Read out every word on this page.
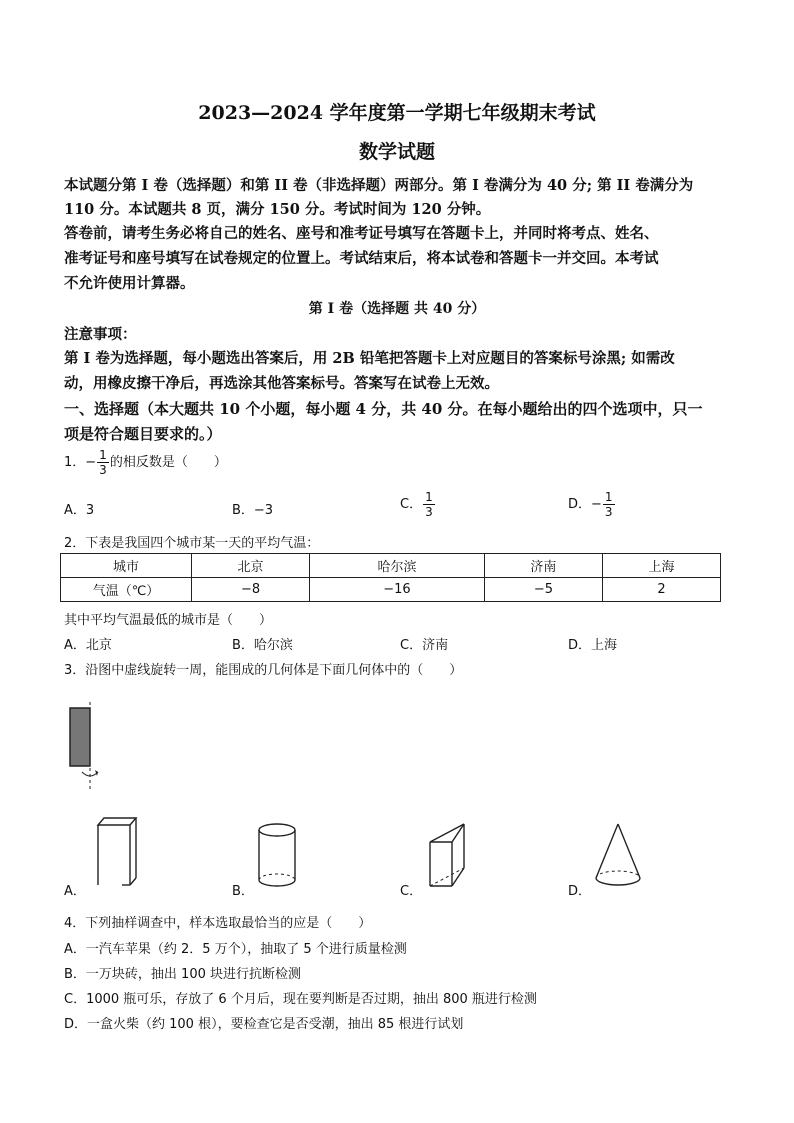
2023—2024 学年度第一学期七年级期末考试
数学试题
本试题分第 I 卷（选择题）和第 II 卷（非选择题）两部分。第 I 卷满分为 40 分; 第 II 卷满分为
110 分。本试题共 8 页，满分 150 分。考试时间为 120 分钟。
答卷前，请考生务必将自己的姓名、座号和准考证号填写在答题卡上，并同时将考点、姓名、
准考证号和座号填写在试卷规定的位置上。考试结束后，将本试卷和答题卡一并交回。本考试
不允许使用计算器。
第 I 卷（选择题 共 40 分）
注意事项：
第 I 卷为选择题，每小题选出答案后，用 2B 铅笔把答题卡上对应题目的答案标号涂黑; 如需改
动，用橡皮擦干净后，再选涂其他答案标号。答案写在试卷上无效。
一、选择题（本大题共 10 个小题，每小题 4 分，共 40 分。在每小题给出的四个选项中，只一
项是符合题目要求的。）
1．− $\frac{1}{3}$ 的相反数是（　　）
A．3	B．−3	C． $\frac{1}{3}$	D．− $\frac{1}{3}$
2．下表是我国四个城市某一天的平均气温：
城市	北京	哈尔滨	济南	上海
气温（℃）	−8	−16	−5	2
其中平均气温最低的城市是（　　）
A．北京	B．哈尔滨	C．济南	D．上海
3．沿图中虚线旋转一周，能围成的几何体是下面几何体中的（　　）
A．	B．	C．	D．
4．下列抽样调查中，样本选取最恰当的应是（　　）
A．一汽车苹果（约 2．5 万个），抽取了 5 个进行质量检测
B．一万块砖，抽出 100 块进行抗断检测
C．1000 瓶可乐，存放了 6 个月后，现在要判断是否过期，抽出 800 瓶进行检测
D．一盒火柴（约 100 根），要检查它是否受潮，抽出 85 根进行试划
